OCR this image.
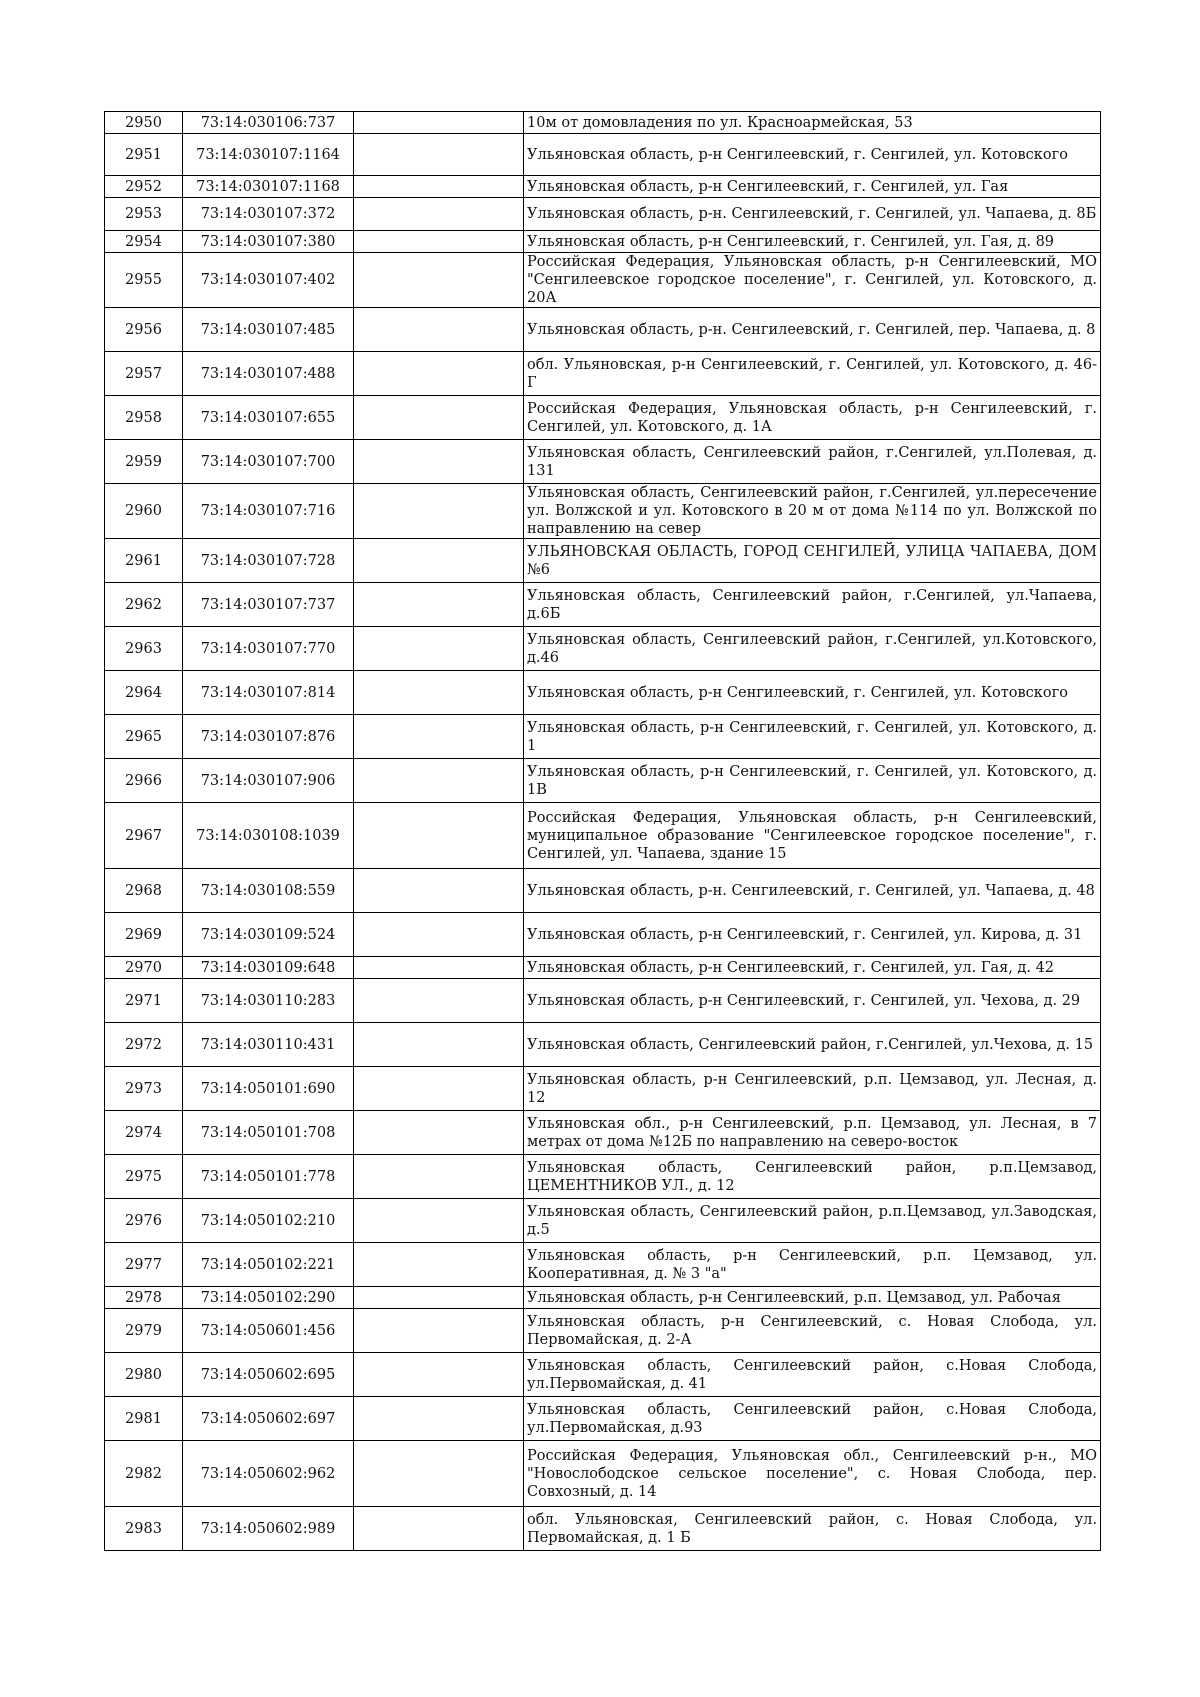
2950	73:14:030106:737		10м от домовладения по ул. Красноармейская, 53
2951	73:14:030107:1164		Ульяновская область, р-н Сенгилеевский, г. Сенгилей, ул. Котовского
2952	73:14:030107:1168		Ульяновская область, р-н Сенгилеевский, г. Сенгилей, ул. Гая
2953	73:14:030107:372		Ульяновская область, р-н. Сенгилеевский, г. Сенгилей, ул. Чапаева, д. 8Б
2954	73:14:030107:380		Ульяновская область, р-н Сенгилеевский, г. Сенгилей, ул. Гая, д. 89
2955	73:14:030107:402		Российская Федерация, Ульяновская область, р-н Сенгилеевский, МО "Сенгилеевское городское поселение", г. Сенгилей, ул. Котовского, д. 20А
2956	73:14:030107:485		Ульяновская область, р-н. Сенгилеевский, г. Сенгилей, пер. Чапаева, д. 8
2957	73:14:030107:488		обл. Ульяновская, р-н Сенгилеевский, г. Сенгилей, ул. Котовского, д. 46-Г
2958	73:14:030107:655		Российская Федерация, Ульяновская область, р-н Сенгилеевский, г. Сенгилей, ул. Котовского, д. 1А
2959	73:14:030107:700		Ульяновская область, Сенгилеевский район, г.Сенгилей, ул.Полевая, д. 131
2960	73:14:030107:716		Ульяновская область, Сенгилеевский район, г.Сенгилей, ул.пересечение ул. Волжской и ул. Котовского в 20 м от дома №114 по ул. Волжской по направлению на север
2961	73:14:030107:728		УЛЬЯНОВСКАЯ ОБЛАСТЬ, ГОРОД СЕНГИЛЕЙ, УЛИЦА ЧАПАЕВА, ДОМ №6
2962	73:14:030107:737		Ульяновская область, Сенгилеевский район, г.Сенгилей, ул.Чапаева, д.6Б
2963	73:14:030107:770		Ульяновская область, Сенгилеевский район, г.Сенгилей, ул.Котовского, д.46
2964	73:14:030107:814		Ульяновская область, р-н Сенгилеевский, г. Сенгилей, ул. Котовского
2965	73:14:030107:876		Ульяновская область, р-н Сенгилеевский, г. Сенгилей, ул. Котовского, д. 1
2966	73:14:030107:906		Ульяновская область, р-н Сенгилеевский, г. Сенгилей, ул. Котовского, д. 1В
2967	73:14:030108:1039		Российская Федерация, Ульяновская область, р-н Сенгилеевский, муниципальное образование "Сенгилеевское городское поселение", г. Сенгилей, ул. Чапаева, здание 15
2968	73:14:030108:559		Ульяновская область, р-н. Сенгилеевский, г. Сенгилей, ул. Чапаева, д. 48
2969	73:14:030109:524		Ульяновская область, р-н Сенгилеевский, г. Сенгилей, ул. Кирова, д. 31
2970	73:14:030109:648		Ульяновская область, р-н Сенгилеевский, г. Сенгилей, ул. Гая, д. 42
2971	73:14:030110:283		Ульяновская область, р-н Сенгилеевский, г. Сенгилей, ул. Чехова, д. 29
2972	73:14:030110:431		Ульяновская область, Сенгилеевский район, г.Сенгилей, ул.Чехова, д. 15
2973	73:14:050101:690		Ульяновская область, р-н Сенгилеевский, р.п. Цемзавод, ул. Лесная, д. 12
2974	73:14:050101:708		Ульяновская обл., р-н Сенгилеевский, р.п. Цемзавод, ул. Лесная, в 7 метрах от дома №12Б по направлению на северо-восток
2975	73:14:050101:778		Ульяновская область, Сенгилеевский район, р.п.Цемзавод, ЦЕМЕНТНИКОВ УЛ., д. 12
2976	73:14:050102:210		Ульяновская область, Сенгилеевский район, р.п.Цемзавод, ул.Заводская, д.5
2977	73:14:050102:221		Ульяновская область, р-н Сенгилеевский, р.п. Цемзавод, ул. Кооперативная, д. № 3 "а"
2978	73:14:050102:290		Ульяновская область, р-н Сенгилеевский, р.п. Цемзавод, ул. Рабочая
2979	73:14:050601:456		Ульяновская область, р-н Сенгилеевский, с. Новая Слобода, ул. Первомайская, д. 2-А
2980	73:14:050602:695		Ульяновская область, Сенгилеевский район, с.Новая Слобода, ул.Первомайская, д. 41
2981	73:14:050602:697		Ульяновская область, Сенгилеевский район, с.Новая Слобода, ул.Первомайская, д.93
2982	73:14:050602:962		Российская Федерация, Ульяновская обл., Сенгилеевский р-н., МО "Новослободское сельское поселение", с. Новая Слобода, пер. Совхозный, д. 14
2983	73:14:050602:989		обл. Ульяновская, Сенгилеевский район, с. Новая Слобода, ул. Первомайская, д. 1 Б
